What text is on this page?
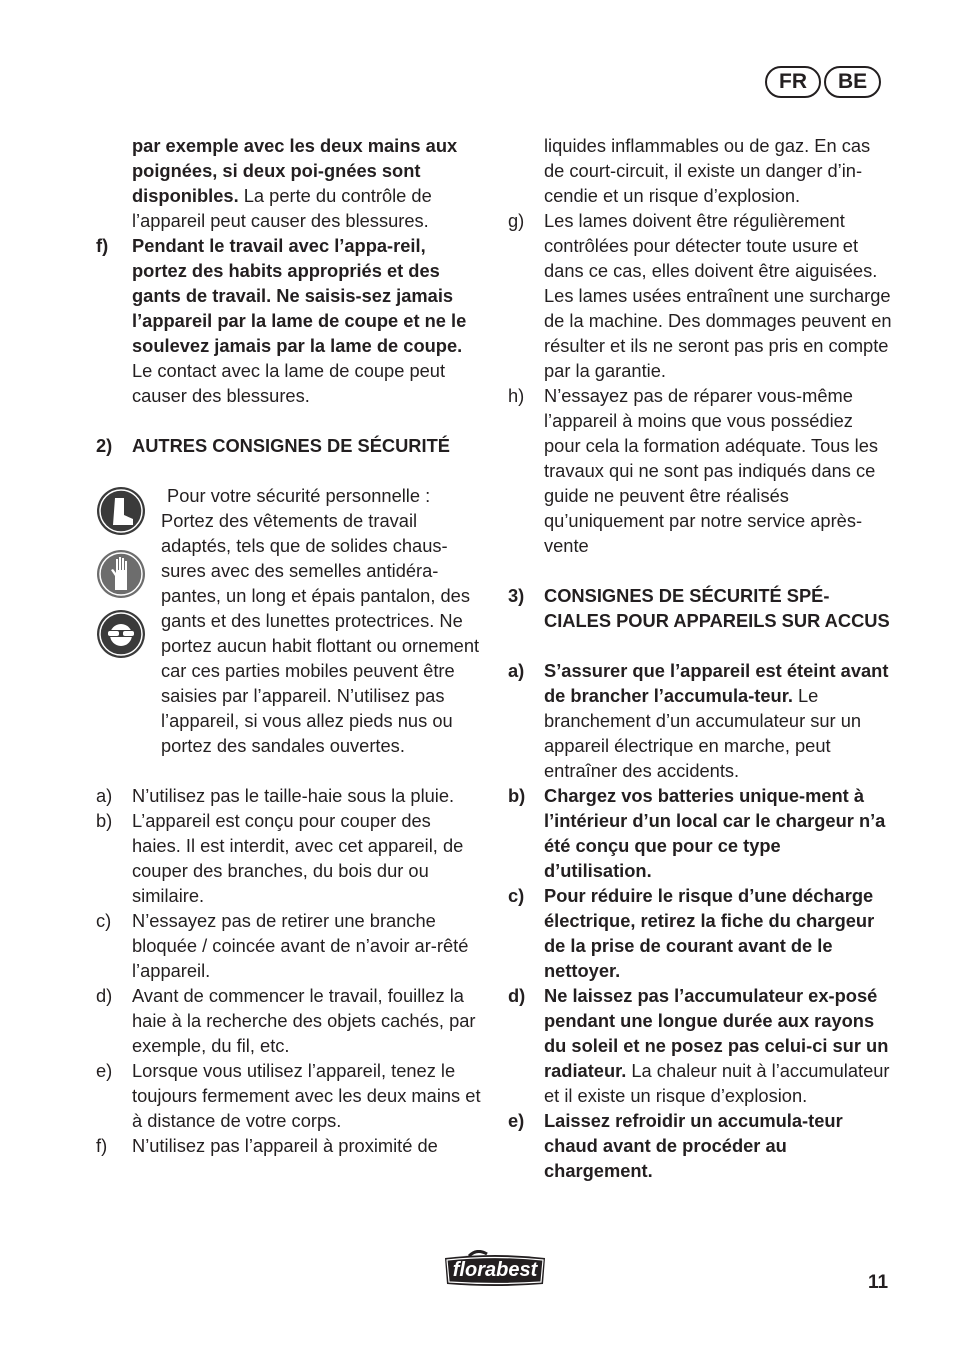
FR	BE
par exemple avec les deux mains aux poignées, si deux poi-gnées sont disponibles. La perte du contrôle de l’appareil peut causer des blessures.
f)	Pendant le travail avec l’appa-reil, portez des habits appropriés et des gants de travail. Ne saisis-sez jamais l’appareil par la lame de coupe et ne le soulevez jamais par la lame de coupe. Le contact avec la lame de coupe peut causer des blessures.
2)	AUTRES CONSIGNES DE SÉCURITÉ
Pour votre sécurité personnelle :
Portez des vêtements de travail adaptés, tels que de solides chaus-sures avec des semelles antidéra-pantes, un long et épais pantalon, des gants et des lunettes protectrices. Ne portez aucun habit flottant ou ornement car ces parties mobiles peuvent être saisies par l’appareil. N’utilisez pas l’appareil, si vous allez pieds nus ou portez des sandales ouvertes.
a)	N’utilisez pas le taille-haie sous la pluie.
b)	L’appareil est conçu pour couper des haies. Il est interdit, avec cet appareil, de couper des branches, du bois dur ou similaire.
c)	N’essayez pas de retirer une branche bloquée / coincée avant de n’avoir ar-rêté l’appareil.
d)	Avant de commencer le travail, fouillez la haie à la recherche des objets cachés, par exemple, du fil, etc.
e)	Lorsque vous utilisez l’appareil, tenez le toujours fermement avec les deux mains et à distance de votre corps.
f)	N’utilisez pas l’appareil à proximité de
liquides inflammables ou de gaz. En cas de court-circuit, il existe un danger d’in-cendie et un risque d’explosion.
g)	Les lames doivent être régulièrement contrôlées pour détecter toute usure et dans ce cas, elles doivent être aiguisées. Les lames usées entraînent une surcharge de la machine. Des dommages peuvent en résulter et ils ne seront pas pris en compte par la garantie.
h)	N’essayez pas de réparer vous-même l’appareil à moins que vous possédiez pour cela la formation adéquate. Tous les travaux qui ne sont pas indiqués dans ce guide ne peuvent être réalisés qu’uniquement par notre service après-vente
3)	CONSIGNES DE SÉCURITÉ SPÉ-CIALES POUR APPAREILS SUR ACCUS
a)	S’assurer que l’appareil est éteint avant de brancher l’accumula-teur. Le branchement d’un accumulateur sur un appareil électrique en marche, peut entraîner des accidents.
b)	Chargez vos batteries unique-ment à l’intérieur d’un local car le chargeur n’a été conçu que pour ce type d’utilisation.
c)	Pour réduire le risque d’une décharge électrique, retirez la fiche du chargeur de la prise de courant avant de le nettoyer.
d)	Ne laissez pas l’accumulateur ex-posé pendant une longue durée aux rayons du soleil et ne posez pas celui-ci sur un radiateur. La chaleur nuit à l’accumulateur et il existe un risque d’explosion.
e)	Laissez refroidir un accumula-teur chaud avant de procéder au chargement.
florabest
11
